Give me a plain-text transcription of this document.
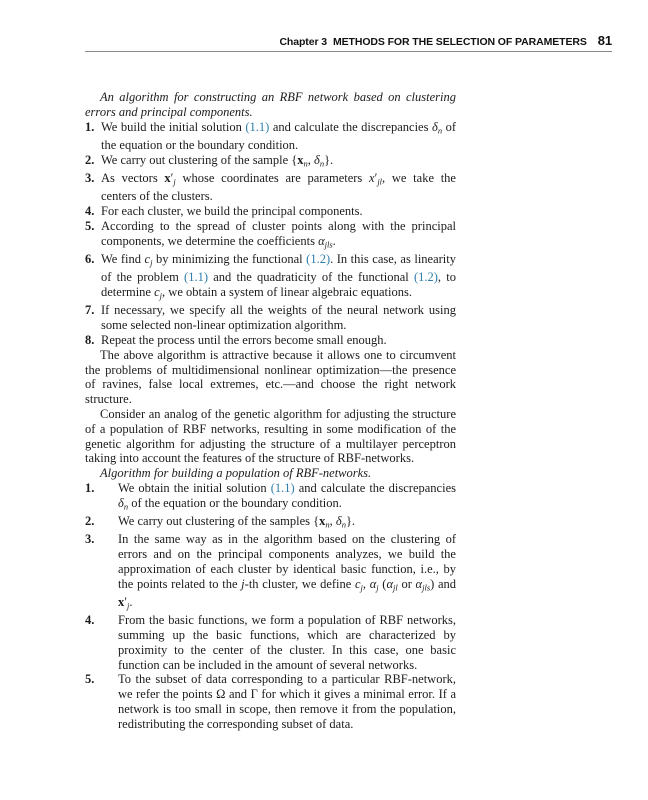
Chapter 3 METHODS FOR THE SELECTION OF PARAMETERS 81
An algorithm for constructing an RBF network based on clustering errors and principal components.
1. We build the initial solution (1.1) and calculate the discrepancies $\delta_n$ of the equation or the boundary condition.
2. We carry out clustering of the sample {$x_n$, $\delta_n$}.
3. As vectors $x'_j$ whose coordinates are parameters $x'_{jl}$, we take the centers of the clusters.
4. For each cluster, we build the principal components.
5. According to the spread of cluster points along with the principal components, we determine the coefficients $\alpha_{jls}$.
6. We find $c_j$ by minimizing the functional (1.2). In this case, as linearity of the problem (1.1) and the quadraticity of the functional (1.2), to determine $c_j$, we obtain a system of linear algebraic equations.
7. If necessary, we specify all the weights of the neural network using some selected non-linear optimization algorithm.
8. Repeat the process until the errors become small enough.
The above algorithm is attractive because it allows one to circumvent the problems of multidimensional nonlinear optimization—the presence of ravines, false local extremes, etc.—and choose the right network structure.
Consider an analog of the genetic algorithm for adjusting the structure of a population of RBF networks, resulting in some modification of the genetic algorithm for adjusting the structure of a multilayer perceptron taking into account the features of the structure of RBF-networks.
Algorithm for building a population of RBF-networks.
1. We obtain the initial solution (1.1) and calculate the discrepancies $\delta_n$ of the equation or the boundary condition.
2. We carry out clustering of the samples {$x_n$, $\delta_n$}.
3. In the same way as in the algorithm based on the clustering of errors and on the principal components analyzes, we build the approximation of each cluster by identical basic function, i.e., by the points related to the j-th cluster, we define $c_j$, $\alpha_j$ ($\alpha_{jl}$ or $\alpha_{jls}$) and $x'_j$.
4. From the basic functions, we form a population of RBF networks, summing up the basic functions, which are characterized by proximity to the center of the cluster. In this case, one basic function can be included in the amount of several networks.
5. To the subset of data corresponding to a particular RBF-network, we refer the points Ω and Γ for which it gives a minimal error. If a network is too small in scope, then remove it from the population, redistributing the corresponding subset of data.
